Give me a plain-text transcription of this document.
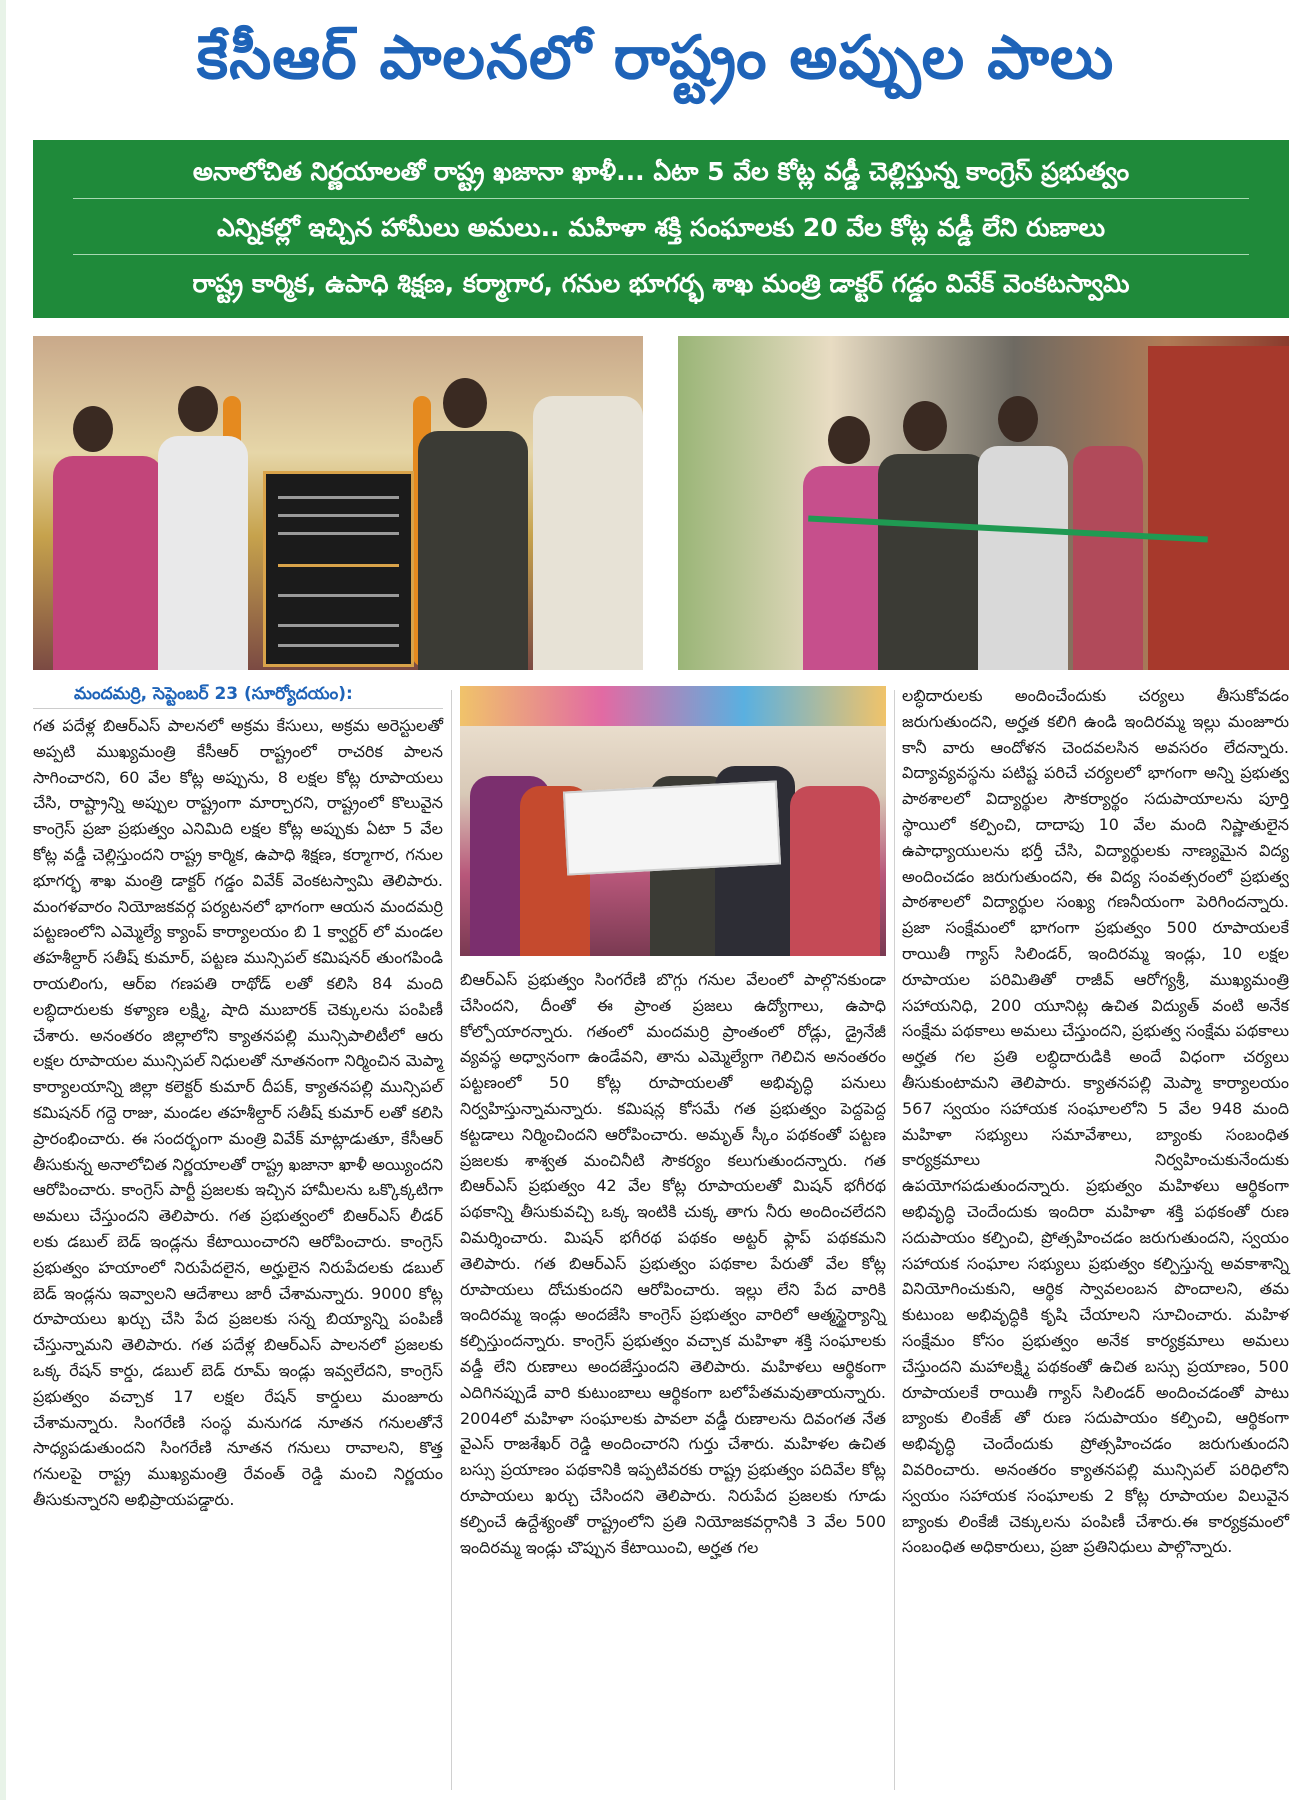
కేసీఆర్ పాలనలో రాష్ట్రం అప్పుల పాలు
అనాలోచిత నిర్ణయాలతో రాష్ట్ర ఖజానా ఖాళీ... ఏటా 5 వేల కోట్ల వడ్డీ చెల్లిస్తున్న కాంగ్రెస్ ప్రభుత్వం
ఎన్నికల్లో ఇచ్చిన హామీలు అమలు.. మహిళా శక్తి సంఘాలకు 20 వేల కోట్ల వడ్డీ లేని రుణాలు
రాష్ట్ర కార్మిక, ఉపాధి శిక్షణ, కర్మాగార, గనుల భూగర్భ శాఖ మంత్రి డాక్టర్ గడ్డం వివేక్ వెంకటస్వామి
మందమర్రి, సెప్టెంబర్ 23 (సూర్యోదయం):

గత పదేళ్ల బిఆర్ఎస్ పాలనలో అక్రమ కేసులు, అక్రమ అరెస్టులతో అప్పటి ముఖ్యమంత్రి కేసీఆర్ రాష్ట్రంలో రాచరిక పాలన సాగించారని, 60 వేల కోట్ల అప్పును, 8 లక్షల కోట్ల రూపాయలు చేసి, రాష్ట్రాన్ని అప్పుల రాష్ట్రంగా మార్చారని, రాష్ట్రంలో కొలువైన కాంగ్రెస్ ప్రజా ప్రభుత్వం ఎనిమిది లక్షల కోట్ల అప్పుకు ఏటా 5 వేల కోట్ల వడ్డీ చెల్లిస్తుందని రాష్ట్ర కార్మిక, ఉపాధి శిక్షణ, కర్మాగార, గనుల భూగర్భ శాఖ మంత్రి డాక్టర్ గడ్డం వివేక్ వెంకటస్వామి తెలిపారు. మంగళవారం నియోజకవర్గ పర్యటనలో భాగంగా ఆయన మందమర్రి పట్టణంలోని ఎమ్మెల్యే క్యాంప్ కార్యాలయం బి 1 క్వార్టర్ లో మండల తహశీల్దార్ సతీష్ కుమార్, పట్టణ మున్సిపల్ కమిషనర్ తుంగపిండి రాయలింగు, ఆర్ఐ గణపతి రాథోడ్ లతో కలిసి 84 మంది లబ్ధిదారులకు కళ్యాణ లక్ష్మి, షాది ముబారక్ చెక్కులను పంపిణీ చేశారు. అనంతరం జిల్లాలోని క్యాతనపల్లి మున్సిపాలిటీలో ఆరు లక్షల రూపాయల మున్సిపల్ నిధులతో నూతనంగా నిర్మించిన మెప్మా కార్యాలయాన్ని జిల్లా కలెక్టర్ కుమార్ దీపక్, క్యాతనపల్లి మున్సిపల్ కమిషనర్ గద్దె రాజు, మండల తహశీల్దార్ సతీష్ కుమార్ లతో కలిసి ప్రారంభించారు. ఈ సందర్భంగా మంత్రి వివేక్ మాట్లాడుతూ, కేసీఆర్ తీసుకున్న అనాలోచిత నిర్ణయాలతో రాష్ట్ర ఖజానా ఖాళీ అయ్యిందని ఆరోపించారు. కాంగ్రెస్ పార్టీ ప్రజలకు ఇచ్చిన హామీలను ఒక్కొక్కటిగా అమలు చేస్తుందని తెలిపారు. గత ప్రభుత్వంలో బిఆర్ఎస్ లీడర్ లకు డబుల్ బెడ్ ఇండ్లను కేటాయించారని ఆరోపించారు. కాంగ్రెస్ ప్రభుత్వం హయాంలో నిరుపేదలైన, అర్హులైన నిరుపేదలకు డబుల్ బెడ్ ఇండ్లను ఇవ్వాలని ఆదేశాలు జారీ చేశామన్నారు. 9000 కోట్ల రూపాయలు ఖర్చు చేసి పేద ప్రజలకు సన్న బియ్యాన్ని పంపిణీ చేస్తున్నామని తెలిపారు. గత పదేళ్ల బిఆర్ఎస్ పాలనలో ప్రజలకు ఒక్క రేషన్ కార్డు, డబుల్ బెడ్ రూమ్ ఇండ్లు ఇవ్వలేదని, కాంగ్రెస్ ప్రభుత్వం వచ్చాక 17 లక్షల రేషన్ కార్డులు మంజూరు చేశామన్నారు. సింగరేణి సంస్థ మనుగడ నూతన గనులతోనే సాధ్యపడుతుందని సింగరేణి నూతన గనులు రావాలని, కొత్త గనులపై రాష్ట్ర ముఖ్యమంత్రి రేవంత్ రెడ్డి మంచి నిర్ణయం తీసుకున్నారని అభిప్రాయపడ్డారు.

బిఆర్ఎస్ ప్రభుత్వం సింగరేణి బొగ్గు గనుల వేలంలో పాల్గొనకుండా చేసిందని, దీంతో ఈ ప్రాంత ప్రజలు ఉద్యోగాలు, ఉపాధి కోల్పోయారన్నారు. గతంలో మందమర్రి ప్రాంతంలో రోడ్లు, డ్రైనేజీ వ్యవస్థ అధ్వానంగా ఉండేవని, తాను ఎమ్మెల్యేగా గెలిచిన అనంతరం పట్టణంలో 50 కోట్ల రూపాయలతో అభివృద్ధి పనులు నిర్వహిస్తున్నామన్నారు. కమిషన్ల కోసమే గత ప్రభుత్వం పెద్దపెద్ద కట్టడాలు నిర్మించిందని ఆరోపించారు. అమృత్ స్కీం పథకంతో పట్టణ ప్రజలకు శాశ్వత మంచినీటి సౌకర్యం కలుగుతుందన్నారు. గత బిఆర్ఎస్ ప్రభుత్వం 42 వేల కోట్ల రూపాయలతో మిషన్ భగీరథ పథకాన్ని తీసుకువచ్చి ఒక్క ఇంటికి చుక్క తాగు నీరు అందించలేదని విమర్శించారు. మిషన్ భగీరథ పథకం అట్టర్ ఫ్లాప్ పథకమని తెలిపారు. గత బిఆర్ఎస్ ప్రభుత్వం పథకాల పేరుతో వేల కోట్ల రూపాయలు దోచుకుందని ఆరోపించారు. ఇల్లు లేని పేద వారికి ఇందిరమ్మ ఇండ్లు అందజేసి కాంగ్రెస్ ప్రభుత్వం వారిలో ఆత్మస్థైర్యాన్ని కల్పిస్తుందన్నారు. కాంగ్రెస్ ప్రభుత్వం వచ్చాక మహిళా శక్తి సంఘాలకు వడ్డీ లేని రుణాలు అందజేస్తుందని తెలిపారు. మహిళలు ఆర్థికంగా ఎదిగినప్పుడే వారి కుటుంబాలు ఆర్థికంగా బలోపేతమవుతాయన్నారు. 2004లో మహిళా సంఘాలకు పావలా వడ్డీ రుణాలను దివంగత నేత వైఎస్ రాజశేఖర్ రెడ్డి అందించారని గుర్తు చేశారు. మహిళల ఉచిత బస్సు ప్రయాణం పథకానికి ఇప్పటివరకు రాష్ట్ర ప్రభుత్వం పదివేల కోట్ల రూపాయలు ఖర్చు చేసిందని తెలిపారు. నిరుపేద ప్రజలకు గూడు కల్పించే ఉద్దేశ్యంతో రాష్ట్రంలోని ప్రతి నియోజకవర్గానికి 3 వేల 500 ఇందిరమ్మ ఇండ్లు చొప్పున కేటాయించి, అర్హత గల

లబ్ధిదారులకు అందించేందుకు చర్యలు తీసుకోవడం జరుగుతుందని, అర్హత కలిగి ఉండి ఇందిరమ్మ ఇల్లు మంజూరు కానీ వారు ఆందోళన చెందవలసిన అవసరం లేదన్నారు. విద్యావ్యవస్థను పటిష్ట పరిచే చర్యలలో భాగంగా అన్ని ప్రభుత్వ పాఠశాలలో విద్యార్థుల సౌకర్యార్థం సదుపాయాలను పూర్తి స్థాయిలో కల్పించి, దాదాపు 10 వేల మంది నిష్ణాతులైన ఉపాధ్యాయులను భర్తీ చేసి, విద్యార్థులకు నాణ్యమైన విద్య అందించడం జరుగుతుందని, ఈ విద్య సంవత్సరంలో ప్రభుత్వ పాఠశాలలో విద్యార్థుల సంఖ్య గణనీయంగా పెరిగిందన్నారు. ప్రజా సంక్షేమంలో భాగంగా ప్రభుత్వం 500 రూపాయలకే రాయితీ గ్యాస్ సిలిండర్, ఇందిరమ్మ ఇండ్లు, 10 లక్షల రూపాయల పరిమితితో రాజీవ్ ఆరోగ్యశ్రీ, ముఖ్యమంత్రి సహాయనిధి, 200 యూనిట్ల ఉచిత విద్యుత్ వంటి అనేక సంక్షేమ పథకాలు అమలు చేస్తుందని, ప్రభుత్వ సంక్షేమ పథకాలు అర్హత గల ప్రతి లబ్ధిదారుడికి అందే విధంగా చర్యలు తీసుకుంటామని తెలిపారు. క్యాతనపల్లి మెప్మా కార్యాలయం 567 స్వయం సహాయక సంఘాలలోని 5 వేల 948 మంది మహిళా సభ్యులు సమావేశాలు, బ్యాంకు సంబంధిత కార్యక్రమాలు నిర్వహించుకునేందుకు ఉపయోగపడుతుందన్నారు. ప్రభుత్వం మహిళలు ఆర్థికంగా అభివృద్ధి చెందేందుకు ఇందిరా మహిళా శక్తి పథకంతో రుణ సదుపాయం కల్పించి, ప్రోత్సహించడం జరుగుతుందని, స్వయం సహాయక సంఘాల సభ్యులు ప్రభుత్వం కల్పిస్తున్న అవకాశాన్ని వినియోగించుకుని, ఆర్థిక స్వావలంబన పొందాలని, తమ కుటుంబ అభివృద్ధికి కృషి చేయాలని సూచించారు. మహిళ సంక్షేమం కోసం ప్రభుత్వం అనేక కార్యక్రమాలు అమలు చేస్తుందని మహాలక్ష్మి పథకంతో ఉచిత బస్సు ప్రయాణం, 500 రూపాయలకే రాయితీ గ్యాస్ సిలిండర్ అందించడంతో పాటు బ్యాంకు లింకేజ్ తో రుణ సదుపాయం కల్పించి, ఆర్థికంగా అభివృద్ధి చెందేందుకు ప్రోత్సహించడం జరుగుతుందని వివరించారు. అనంతరం క్యాతనపల్లి మున్సిపల్ పరిధిలోని స్వయం సహాయక సంఘాలకు 2 కోట్ల రూపాయల విలువైన బ్యాంకు లింకేజీ చెక్కులను పంపిణీ చేశారు.ఈ కార్యక్రమంలో సంబంధిత అధికారులు, ప్రజా ప్రతినిధులు పాల్గొన్నారు.
